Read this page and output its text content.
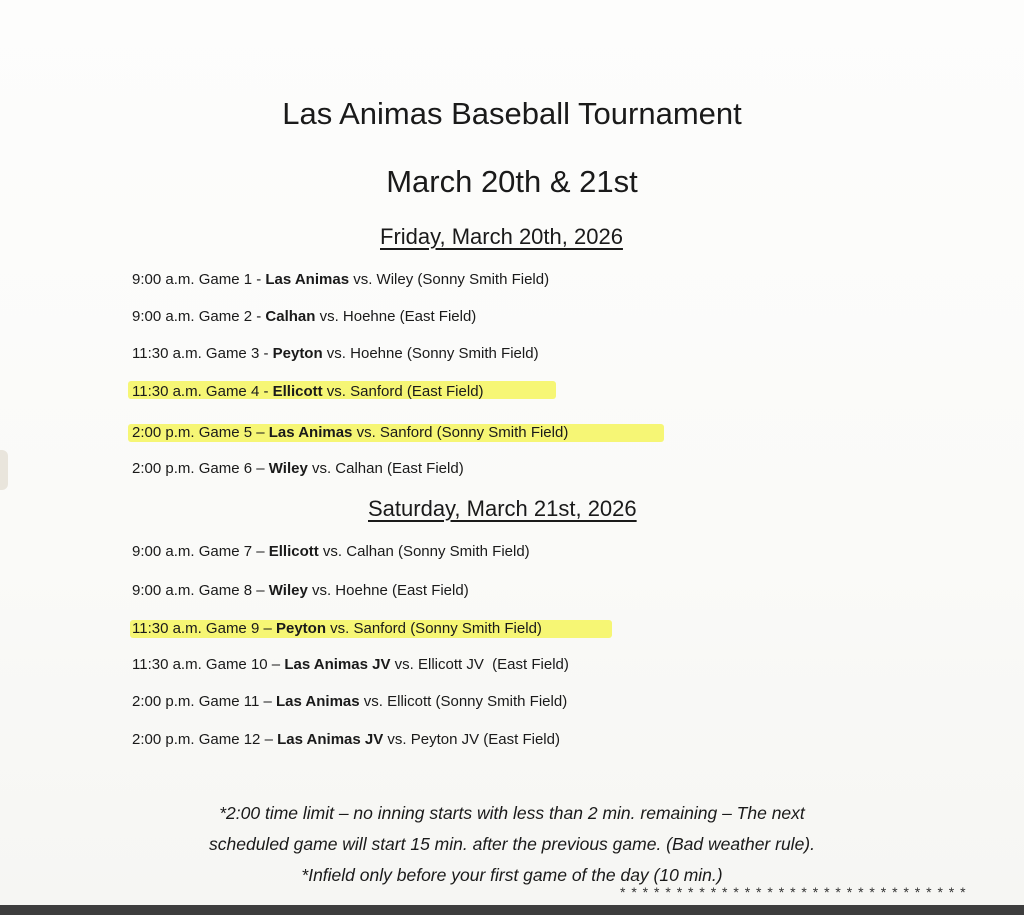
Las Animas Baseball Tournament
March 20th & 21st
Friday, March 20th, 2026
9:00 a.m. Game 1 - Las Animas vs. Wiley (Sonny Smith Field)
9:00 a.m. Game 2 - Calhan vs. Hoehne (East Field)
11:30 a.m. Game 3 - Peyton vs. Hoehne (Sonny Smith Field)
11:30 a.m. Game 4 - Ellicott vs. Sanford (East Field)
2:00 p.m. Game 5 – Las Animas vs. Sanford (Sonny Smith Field)
2:00 p.m. Game 6 – Wiley vs. Calhan (East Field)
Saturday, March 21st, 2026
9:00 a.m. Game 7 – Ellicott vs. Calhan (Sonny Smith Field)
9:00 a.m. Game 8 – Wiley vs. Hoehne (East Field)
11:30 a.m. Game 9 – Peyton vs. Sanford (Sonny Smith Field)
11:30 a.m. Game 10 – Las Animas JV vs. Ellicott JV  (East Field)
2:00 p.m. Game 11 – Las Animas vs. Ellicott (Sonny Smith Field)
2:00 p.m. Game 12 – Las Animas JV vs. Peyton JV (East Field)
*2:00 time limit – no inning starts with less than 2 min. remaining – The next
scheduled game will start 15 min. after the previous game. (Bad weather rule).
*Infield only before your first game of the day (10 min.)
* * * * * * * * * * * * * * * * * * * * * * * * * * * * * * *
